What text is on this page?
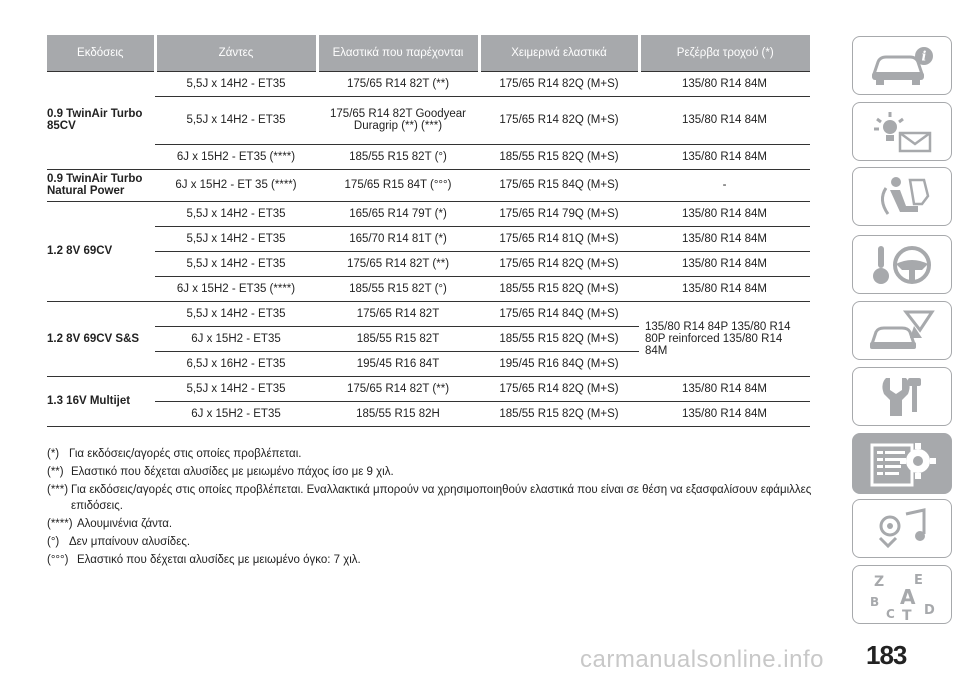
Εκδόσεις	Ζάντες	Ελαστικά που παρέχονται	Χειμερινά ελαστικά	Ρεζέρβα τροχού (*)
0.9 TwinAir Turbo 85CV	5,5J x 14H2 - ET35	175/65 R14 82T (**)	175/65 R14 82Q (M+S)	135/80 R14 84M
	5,5J x 14H2 - ET35	175/65 R14 82T Goodyear Duragrip (**) (***)	175/65 R14 82Q (M+S)	135/80 R14 84M
	6J x 15H2 - ET35 (****)	185/55 R15 82T (°)	185/55 R15 82Q (M+S)	135/80 R14 84M
0.9 TwinAir Turbo Natural Power	6J x 15H2 - ET 35 (****)	175/65 R15 84T (°°°)	175/65 R15 84Q (M+S)	-
1.2 8V 69CV	5,5J x 14H2 - ET35	165/65 R14 79T (*)	175/65 R14 79Q (M+S)	135/80 R14 84M
	5,5J x 14H2 - ET35	165/70 R14 81T (*)	175/65 R14 81Q (M+S)	135/80 R14 84M
	5,5J x 14H2 - ET35	175/65 R14 82T (**)	175/65 R14 82Q (M+S)	135/80 R14 84M
	6J x 15H2 - ET35 (****)	185/55 R15 82T (°)	185/55 R15 82Q (M+S)	135/80 R14 84M
1.2 8V 69CV S&S	5,5J x 14H2 - ET35	175/65 R14 82T	175/65 R14 84Q (M+S)	135/80 R14 84P 135/80 R14 80P reinforced 135/80 R14 84M
	6J x 15H2 - ET35	185/55 R15 82T	185/55 R15 82Q (M+S)	
	6,5J x 16H2 - ET35	195/45 R16 84T	195/45 R16 84Q (M+S)	
1.3 16V Multijet	5,5J x 14H2 - ET35	175/65 R14 82T (**)	175/65 R14 82Q (M+S)	135/80 R14 84M
	6J x 15H2 - ET35	185/55 R15 82H	185/55 R15 82Q (M+S)	135/80 R14 84M
(*) Για εκδόσεις/αγορές στις οποίες προβλέπεται.
(**) Ελαστικό που δέχεται αλυσίδες με μειωμένο πάχος ίσο με 9 χιλ.
(***) Για εκδόσεις/αγορές στις οποίες προβλέπεται. Εναλλακτικά μπορούν να χρησιμοποιηθούν ελαστικά που είναι σε θέση να εξασφαλίσουν εφάμιλλες επιδόσεις.
(****) Αλουμινένια ζάντα.
(°) Δεν μπαίνουν αλυσίδες.
(°°°) Ελαστικό που δέχεται αλυσίδες με μειωμένο όγκο: 7 χιλ.
i
Z E
B A
C T D
183
carmanualsonline.info
